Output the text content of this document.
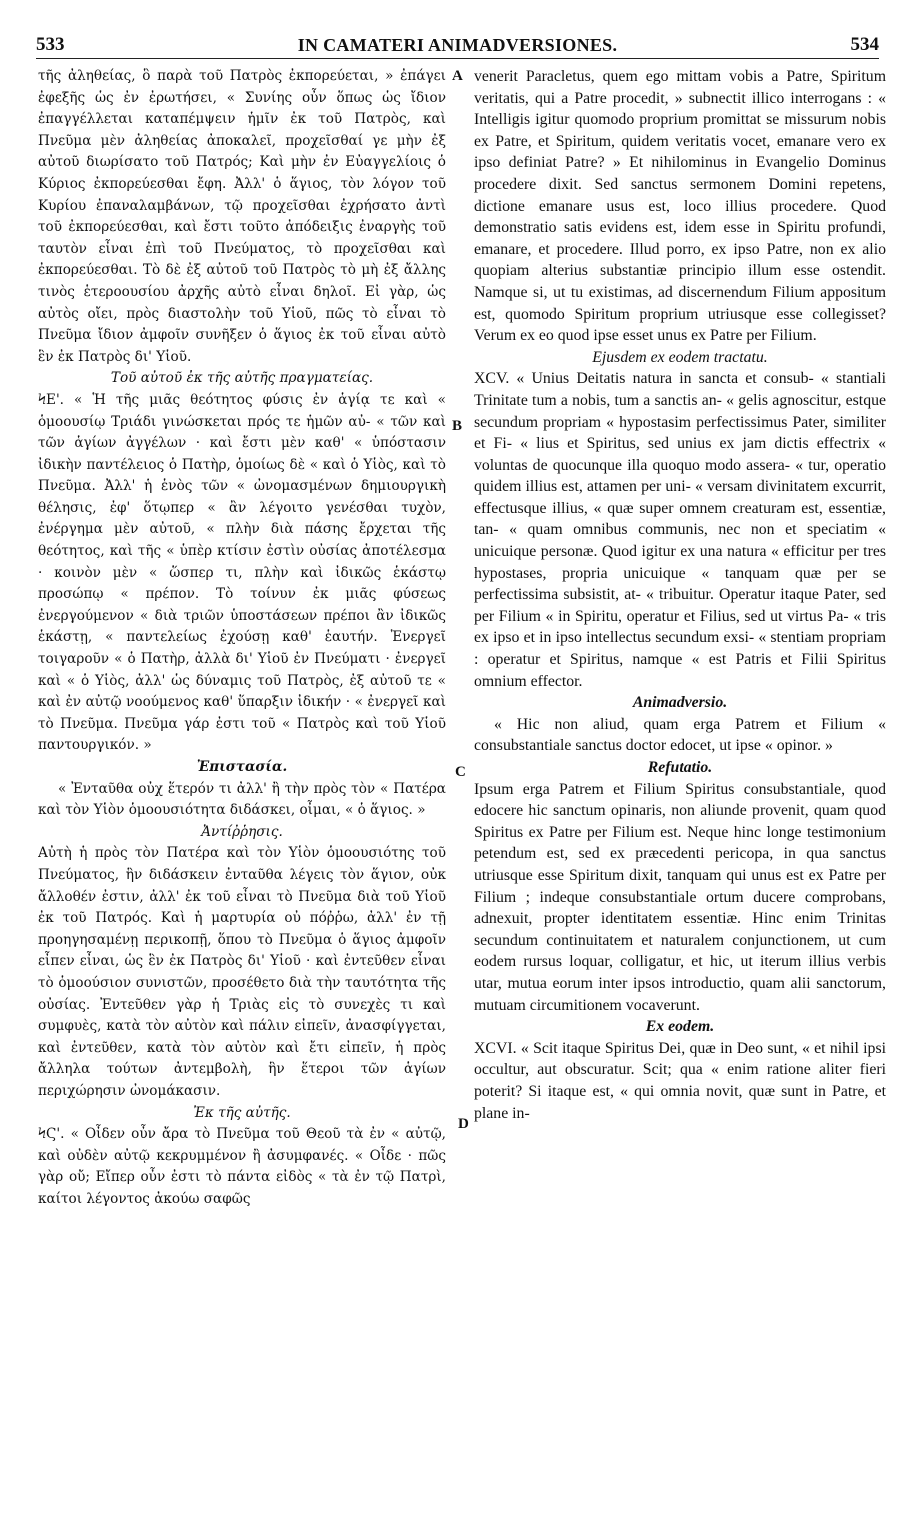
533	IN CAMATERI ANIMADVERSIONES.	534
A
B
C
D

τῆς ἀληθείας, ὃ παρὰ τοῦ Πατρὸς ἐκπορεύεται, » ἐπάγει ἐφεξῆς ὡς ἐν ἐρωτήσει, « Συνίης οὖν ὅπως ὡς ἴδιον ἐπαγγέλλεται καταπέμψειν ἡμῖν ἐκ τοῦ Πατρὸς, καὶ Πνεῦμα μὲν ἀληθείας ἀποκαλεῖ, προχεῖσθαί γε μὴν ἐξ αὐτοῦ διωρίσατο τοῦ Πατρός; Καὶ μὴν ἐν Εὐαγγελίοις ὁ Κύριος ἐκπορεύεσθαι ἔφη. Ἀλλ' ὁ ἅγιος, τὸν λόγον τοῦ Κυρίου ἐπαναλαμβάνων, τῷ προχεῖσθαι ἐχρήσατο ἀντὶ τοῦ ἐκπορεύεσθαι, καὶ ἔστι τοῦτο ἀπόδειξις ἐναργὴς τοῦ ταυτὸν εἶναι ἐπὶ τοῦ Πνεύματος, τὸ προχεῖσθαι καὶ ἐκπορεύεσθαι. Τὸ δὲ ἐξ αὐτοῦ τοῦ Πατρὸς τὸ μὴ ἐξ ἄλλης τινὸς ἑτεροουσίου ἀρχῆς αὐτὸ εἶναι δηλοῖ. Εἰ γὰρ, ὡς αὐτὸς οἴει, πρὸς διαστολὴν τοῦ Υἱοῦ, πῶς τὸ εἶναι τὸ Πνεῦμα ἴδιον ἀμφοῖν συνῆξεν ὁ ἅγιος ἐκ τοῦ εἶναι αὐτὸ ἓν ἐκ Πατρὸς δι' Υἱοῦ.

Τοῦ αὐτοῦ ἐκ τῆς αὐτῆς πραγματείας.

ϞΕ'. « Ἡ τῆς μιᾶς θεότητος φύσις ἐν ἁγίᾳ τε καὶ « ὁμοουσίῳ Τριάδι γινώσκεται πρός τε ἡμῶν αὐ- « τῶν καὶ τῶν ἁγίων ἀγγέλων · καὶ ἔστι μὲν καθ' « ὑπόστασιν ἰδικὴν παντέλειος ὁ Πατὴρ, ὁμοίως δὲ « καὶ ὁ Υἱὸς, καὶ τὸ Πνεῦμα. Ἀλλ' ἡ ἑνὸς τῶν « ὠνομασμένων δημιουργικὴ θέλησις, ἐφ' ὅτῳπερ « ἂν λέγοιτο γενέσθαι τυχὸν, ἐνέργημα μὲν αὐτοῦ, « πλὴν διὰ πάσης ἔρχεται τῆς θεότητος, καὶ τῆς « ὑπὲρ κτίσιν ἐστὶν οὐσίας ἀποτέλεσμα · κοινὸν μὲν « ὥσπερ τι, πλὴν καὶ ἰδικῶς ἑκάστῳ προσώπῳ « πρέπον. Τὸ τοίνυν ἐκ μιᾶς φύσεως ἐνεργούμενον « διὰ τριῶν ὑποστάσεων πρέποι ἂν ἰδικῶς ἑκάστῃ, « παντελείως ἐχούσῃ καθ' ἑαυτήν. Ἐνεργεῖ τοιγαροῦν « ὁ Πατὴρ, ἀλλὰ δι' Υἱοῦ ἐν Πνεύματι · ἐνεργεῖ καὶ « ὁ Υἱὸς, ἀλλ' ὡς δύναμις τοῦ Πατρὸς, ἐξ αὐτοῦ τε « καὶ ἐν αὐτῷ νοούμενος καθ' ὕπαρξιν ἰδικήν · « ἐνεργεῖ καὶ τὸ Πνεῦμα. Πνεῦμα γάρ ἐστι τοῦ « Πατρὸς καὶ τοῦ Υἱοῦ παντουργικόν. »

Ἐπιστασία.

« Ἐνταῦθα οὐχ ἕτερόν τι ἀλλ' ἢ τὴν πρὸς τὸν « Πατέρα καὶ τὸν Υἱὸν ὁμοουσιότητα διδάσκει, οἶμαι, « ὁ ἅγιος. »

Ἀντίῤῥησις.

Αὐτὴ ἡ πρὸς τὸν Πατέρα καὶ τὸν Υἱὸν ὁμοουσιότης τοῦ Πνεύματος, ἣν διδάσκειν ἐνταῦθα λέγεις τὸν ἅγιον, οὐκ ἄλλοθέν ἐστιν, ἀλλ' ἐκ τοῦ εἶναι τὸ Πνεῦμα διὰ τοῦ Υἱοῦ ἐκ τοῦ Πατρός. Καὶ ἡ μαρτυρία οὐ πόῤῥω, ἀλλ' ἐν τῇ προηγησαμένῃ περικοπῇ, ὅπου τὸ Πνεῦμα ὁ ἅγιος ἀμφοῖν εἶπεν εἶναι, ὡς ἓν ἐκ Πατρὸς δι' Υἱοῦ · καὶ ἐντεῦθεν εἶναι τὸ ὁμοούσιον συνιστῶν, προσέθετο διὰ τὴν ταυτότητα τῆς οὐσίας. Ἐντεῦθεν γὰρ ἡ Τριὰς εἰς τὸ συνεχὲς τι καὶ συμφυὲς, κατὰ τὸν αὐτὸν καὶ πάλιν εἰπεῖν, ἀνασφίγγεται, καὶ ἐντεῦθεν, κατὰ τὸν αὐτὸν καὶ ἔτι εἰπεῖν, ἡ πρὸς ἄλληλα τούτων ἀντεμβολὴ, ἣν ἕτεροι τῶν ἁγίων περιχώρησιν ὠνομάκασιν.

Ἐκ τῆς αὐτῆς.

ϞϚ'. « Οἶδεν οὖν ἄρα τὸ Πνεῦμα τοῦ Θεοῦ τὰ ἐν « αὐτῷ, καὶ οὐδὲν αὐτῷ κεκρυμμένον ἢ ἀσυμφανές. « Οἶδε · πῶς γὰρ οὔ; Εἴπερ οὖν ἐστι τὸ πάντα εἰδὸς « τὰ ἐν τῷ Πατρὶ, καίτοι λέγοντος ἀκούω σαφῶς

venerit Paracletus, quem ego mittam vobis a Patre, Spiritum veritatis, qui a Patre procedit, » subnectit illico interrogans : « Intelligis igitur quomodo proprium promittat se missurum nobis ex Patre, et Spiritum, quidem veritatis vocet, emanare vero ex ipso definiat Patre? » Et nihilominus in Evangelio Dominus procedere dixit. Sed sanctus sermonem Domini repetens, dictione emanare usus est, loco illius procedere. Quod demonstratio satis evidens est, idem esse in Spiritu profundi, emanare, et procedere. Illud porro, ex ipso Patre, non ex alio quopiam alterius substantiæ principio illum esse ostendit. Namque si, ut tu existimas, ad discernendum Filium appositum est, quomodo Spiritum proprium utriusque esse collegisset? Verum ex eo quod ipse esset unus ex Patre per Filium.

Ejusdem ex eodem tractatu.

XCV. « Unius Deitatis natura in sancta et consub- « stantiali Trinitate tum a nobis, tum a sanctis an- « gelis agnoscitur, estque secundum propriam « hypostasim perfectissimus Pater, similiter et Fi- « lius et Spiritus, sed unius ex jam dictis effectrix « voluntas de quocunque illa quoquo modo assera- « tur, operatio quidem illius est, attamen per uni- « versam divinitatem excurrit, effectusque illius, « quæ super omnem creaturam est, essentiæ, tan- « quam omnibus communis, nec non et speciatim « unicuique personæ. Quod igitur ex una natura « efficitur per tres hypostases, propria unicuique « tanquam quæ per se perfectissima subsistit, at- « tribuitur. Operatur itaque Pater, sed per Filium « in Spiritu, operatur et Filius, sed ut virtus Pa- « tris ex ipso et in ipso intellectus secundum exsi- « stentiam propriam : operatur et Spiritus, namque « est Patris et Filii Spiritus omnium effector.

Animadversio.

« Hic non aliud, quam erga Patrem et Filium « consubstantiale sanctus doctor edocet, ut ipse « opinor. »

Refutatio.

Ipsum erga Patrem et Filium Spiritus consubstantiale, quod edocere hic sanctum opinaris, non aliunde provenit, quam quod Spiritus ex Patre per Filium est. Neque hinc longe testimonium petendum est, sed ex præcedenti pericopa, in qua sanctus utriusque esse Spiritum dixit, tanquam qui unus est ex Patre per Filium ; indeque consubstantiale ortum ducere comprobans, adnexuit, propter identitatem essentiæ. Hinc enim Trinitas secundum continuitatem et naturalem conjunctionem, ut cum eodem rursus loquar, colligatur, et hic, ut iterum illius verbis utar, mutua eorum inter ipsos introductio, quam alii sanctorum, mutuam circumitionem vocaverunt.

Ex eodem.

XCVI. « Scit itaque Spiritus Dei, quæ in Deo sunt, « et nihil ipsi occultur, aut obscuratur. Scit; qua « enim ratione aliter fieri poterit? Si itaque est, « qui omnia novit, quæ sunt in Patre, et plane in-
